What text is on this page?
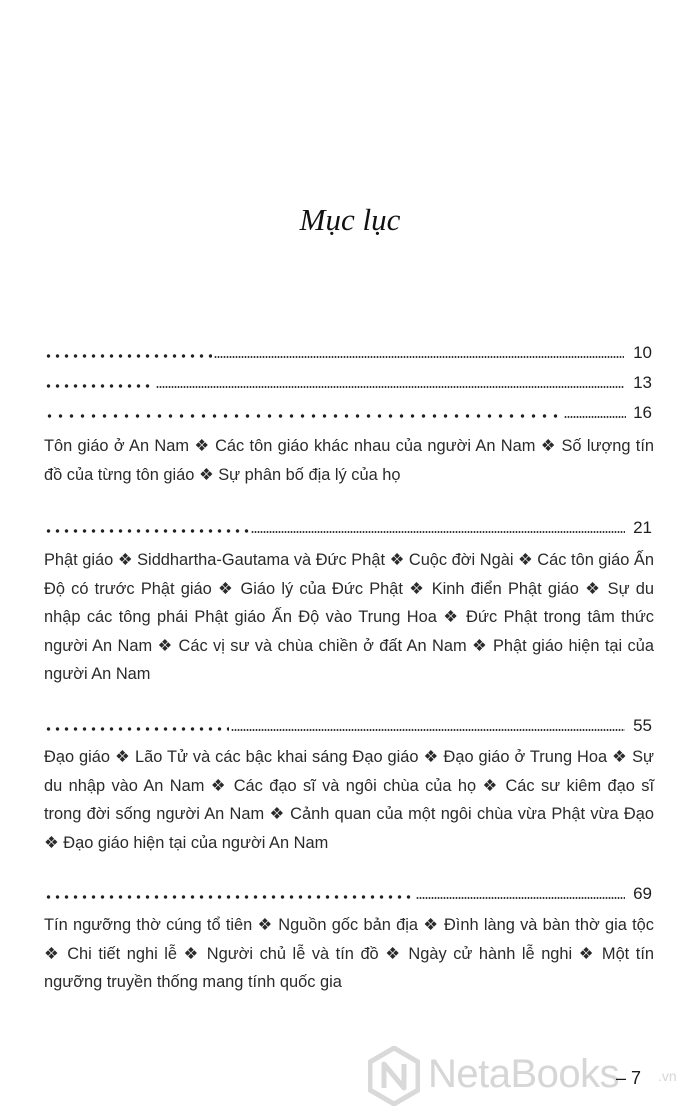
Mục lục
10
13
16
Tôn giáo ở An Nam ❖ Các tôn giáo khác nhau của người An Nam ❖ Số lượng tín đồ của từng tôn giáo ❖ Sự phân bố địa lý của họ
21
Phật giáo ❖ Siddhartha-Gautama và Đức Phật ❖ Cuộc đời Ngài ❖ Các tôn giáo Ấn Độ có trước Phật giáo ❖ Giáo lý của Đức Phật ❖ Kinh điển Phật giáo ❖ Sự du nhập các tông phái Phật giáo Ấn Độ vào Trung Hoa ❖ Đức Phật trong tâm thức người An Nam ❖ Các vị sư và chùa chiền ở đất An Nam ❖ Phật giáo hiện tại của người An Nam
55
Đạo giáo ❖ Lão Tử và các bậc khai sáng Đạo giáo ❖ Đạo giáo ở Trung Hoa ❖ Sự du nhập vào An Nam ❖ Các đạo sĩ và ngôi chùa của họ ❖ Các sư kiêm đạo sĩ trong đời sống người An Nam ❖ Cảnh quan của một ngôi chùa vừa Phật vừa Đạo ❖ Đạo giáo hiện tại của người An Nam
69
Tín ngưỡng thờ cúng tổ tiên ❖ Nguồn gốc bản địa ❖ Đình làng và bàn thờ gia tộc ❖ Chi tiết nghi lễ ❖ Người chủ lễ và tín đồ ❖ Ngày cử hành lễ nghi ❖ Một tín ngưỡng truyền thống mang tính quốc gia
NetaBooks	.vn
– 7
